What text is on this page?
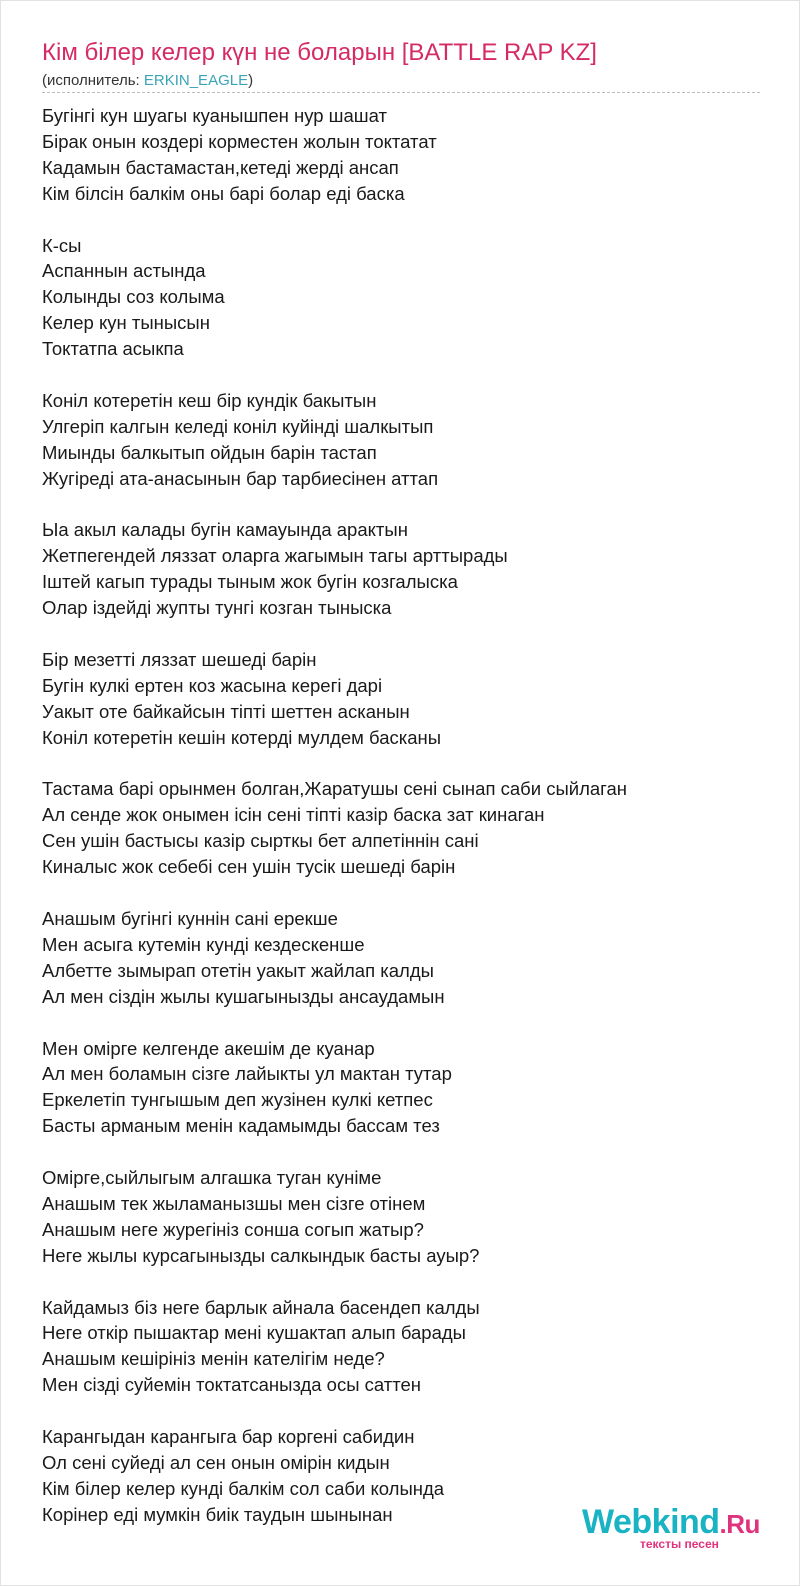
Кім білер келер күн не боларын [BATTLE RAP KZ]
(исполнитель: ERKIN_EAGLE)
Бугінгі кун шуагы куанышпен нур шашат
Бірак онын коздері корместен жолын токтатат
Кадамын бастамастан,кетеді жерді ансап
Кім білсін балкім оны барі болар еді баска
К-сы
Аспаннын астында
Колынды соз колыма
Келер кун тынысын
Токтатпа асыкпа
Коніл котеретін кеш бір кундік бакытын
Улгеріп калгын келеді коніл куйінді шалкытып
Миынды балкытып ойдын барін тастап
Жугіреді ата-анасынын бар тарбиесінен аттап
Ыа акыл калады бугін камауында арактын
Жетпегендей ляззат оларга жагымын тагы арттырады
Іштей кагып турады тыным жок бугін козгалыска
Олар іздейді жупты тунгі козган тыныска
Бір мезетті ляззат шешеді барін
Бугін кулкі ертен коз жасына керегі дарі
Уакыт оте байкайсын тіпті шеттен асканын
Коніл котеретін кешін котерді мулдем басканы
Тастама барі орынмен болган,Жаратушы сені сынап саби сыйлаган
Ал сенде жок онымен ісін сені тіпті казір баска зат кинаган
Сен ушін бастысы казір сырткы бет алпетіннін сані
Киналыс жок себебі сен ушін тусік шешеді барін
Анашым бугінгі куннін сані ерекше
Мен асыга кутемін кунді кездескенше
Албетте зымырап отетін уакыт жайлап калды
Ал мен сіздін жылы кушагынызды ансаудамын
Мен омірге келгенде акешім де куанар
Ал мен боламын сізге лайыкты ул мактан тутар
Еркелетіп тунгышым деп жузінен кулкі кетпес
Басты арманым менін кадамымды бассам тез
Омірге,сыйлыгым алгашка туган куніме
Анашым тек жыламанызшы мен сізге отінем
Анашым неге журегініз сонша согып жатыр?
Неге жылы курсагынызды салкындык басты ауыр?
Кайдамыз біз неге барлык айнала басендеп калды
Неге откір пышактар мені кушактап алып барады
Анашым кешірініз менін кателігім неде?
Мен сізді суйемін токтатсанызда осы саттен
Карангыдан карангыга бар коргені сабидин
Ол сені суйеді ал сен онын омірін кидын
Кім білер келер кунді балкім сол саби колында
Корінер еді мумкін биік таудын шынынан	Webkind.Ru
тексты песен
